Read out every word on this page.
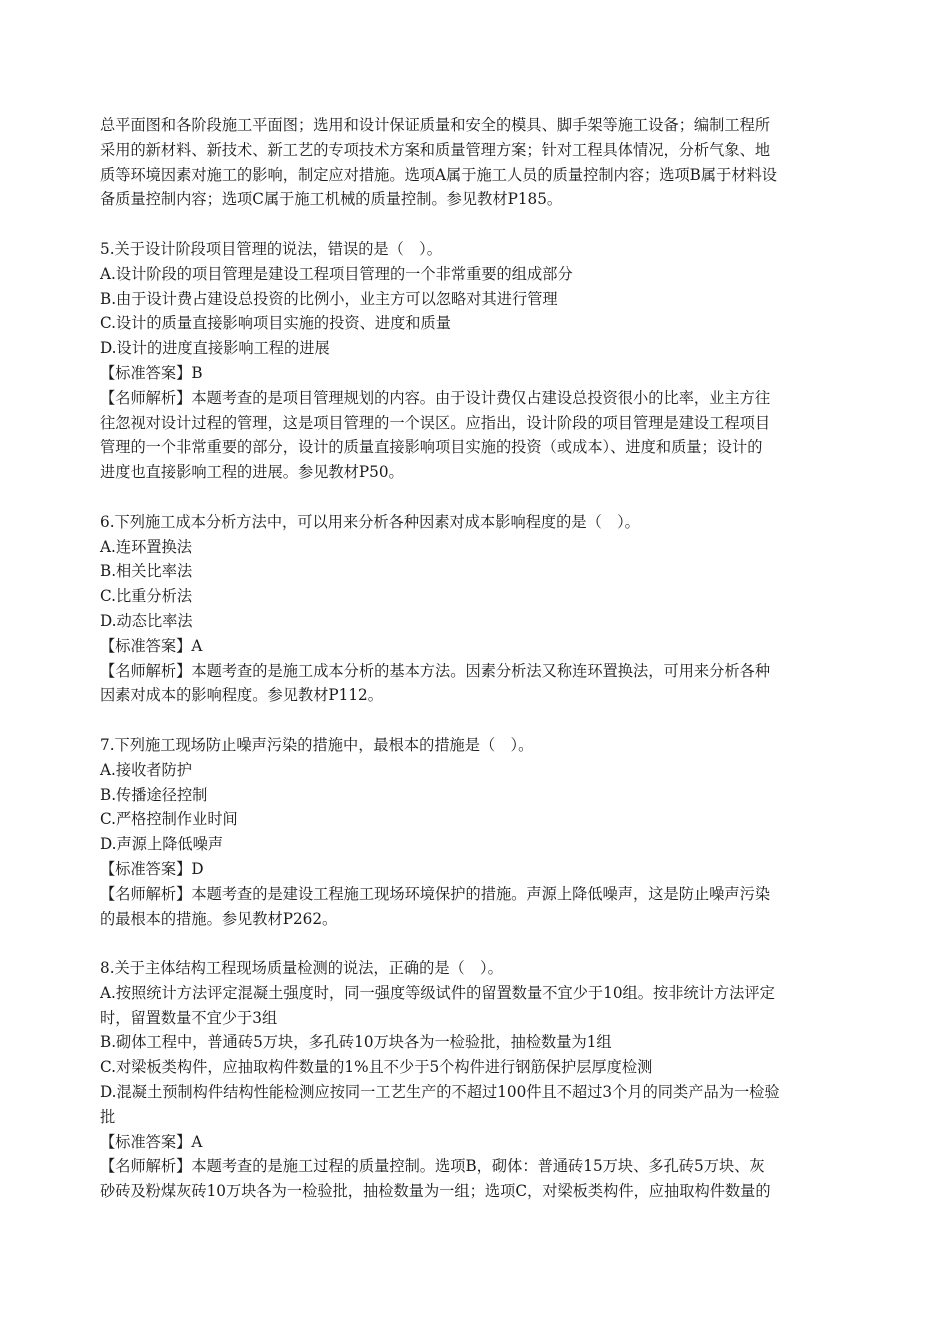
总平面图和各阶段施工平面图；选用和设计保证质量和安全的模具、脚手架等施工设备；编制工程所
采用的新材料、新技术、新工艺的专项技术方案和质量管理方案；针对工程具体情况，分析气象、地
质等环境因素对施工的影响，制定应对措施。选项A属于施工人员的质量控制内容；选项B属于材料设
备质量控制内容；选项C属于施工机械的质量控制。参见教材P185。
5.关于设计阶段项目管理的说法，错误的是（　）。
A.设计阶段的项目管理是建设工程项目管理的一个非常重要的组成部分
B.由于设计费占建设总投资的比例小，业主方可以忽略对其进行管理
C.设计的质量直接影响项目实施的投资、进度和质量
D.设计的进度直接影响工程的进展
【标准答案】B
【名师解析】本题考查的是项目管理规划的内容。由于设计费仅占建设总投资很小的比率，业主方往
往忽视对设计过程的管理，这是项目管理的一个误区。应指出，设计阶段的项目管理是建设工程项目
管理的一个非常重要的部分，设计的质量直接影响项目实施的投资（或成本）、进度和质量；设计的
进度也直接影响工程的进展。参见教材P50。
6.下列施工成本分析方法中，可以用来分析各种因素对成本影响程度的是（　）。
A.连环置换法
B.相关比率法
C.比重分析法
D.动态比率法
【标准答案】A
【名师解析】本题考查的是施工成本分析的基本方法。因素分析法又称连环置换法，可用来分析各种
因素对成本的影响程度。参见教材P112。
7.下列施工现场防止噪声污染的措施中，最根本的措施是（　）。
A.接收者防护
B.传播途径控制
C.严格控制作业时间
D.声源上降低噪声
【标准答案】D
【名师解析】本题考查的是建设工程施工现场环境保护的措施。声源上降低噪声，这是防止噪声污染
的最根本的措施。参见教材P262。
8.关于主体结构工程现场质量检测的说法，正确的是（　）。
A.按照统计方法评定混凝土强度时，同一强度等级试件的留置数量不宜少于10组。按非统计方法评定
时，留置数量不宜少于3组
B.砌体工程中，普通砖5万块，多孔砖10万块各为一检验批，抽检数量为1组
C.对梁板类构件，应抽取构件数量的1%且不少于5个构件进行钢筋保护层厚度检测
D.混凝土预制构件结构性能检测应按同一工艺生产的不超过100件且不超过3个月的同类产品为一检验
批
【标准答案】A
【名师解析】本题考查的是施工过程的质量控制。选项B，砌体：普通砖15万块、多孔砖5万块、灰
砂砖及粉煤灰砖10万块各为一检验批，抽检数量为一组；选项C，对梁板类构件，应抽取构件数量的
